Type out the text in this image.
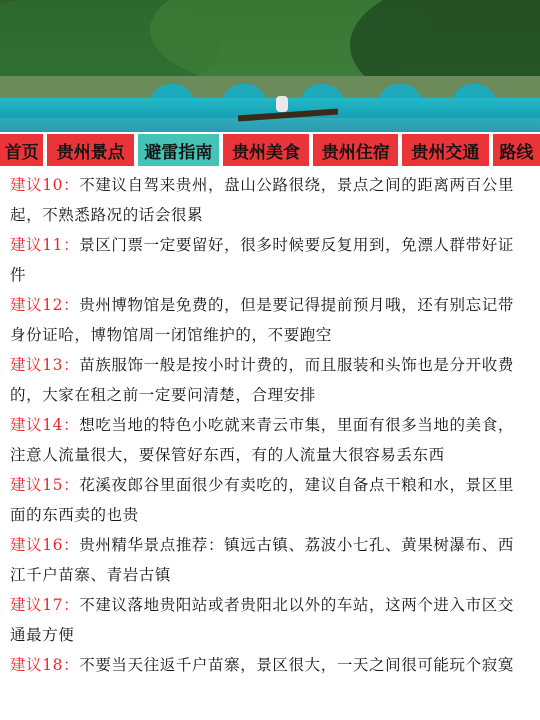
首页	贵州景点	避雷指南	贵州美食	贵州住宿	贵州交通	路线

建议10：不建议自驾来贵州，盘山公路很绕，景点之间的距离两百公里起，不熟悉路况的话会很累

建议11：景区门票一定要留好，很多时候要反复用到，免漂人群带好证件

建议12：贵州博物馆是免费的，但是要记得提前预月哦，还有别忘记带身份证哈，博物馆周一闭馆维护的，不要跑空

建议13：苗族服饰一般是按小时计费的，而且服装和头饰也是分开收费的，大家在租之前一定要问清楚，合理安排

建议14：想吃当地的特色小吃就来青云市集，里面有很多当地的美食，注意人流量很大，要保管好东西，有的人流量大很容易丢东西

建议15：花溪夜郎谷里面很少有卖吃的，建议自备点干粮和水，景区里面的东西卖的也贵

建议16：贵州精华景点推荐：镇远古镇、荔波小七孔、黄果树瀑布、西江千户苗寨、青岩古镇

建议17：不建议落地贵阳站或者贵阳北以外的车站，这两个进入市区交通最方便

建议18：不要当天往返千户苗寨，景区很大，一天之间很可能玩个寂寞
